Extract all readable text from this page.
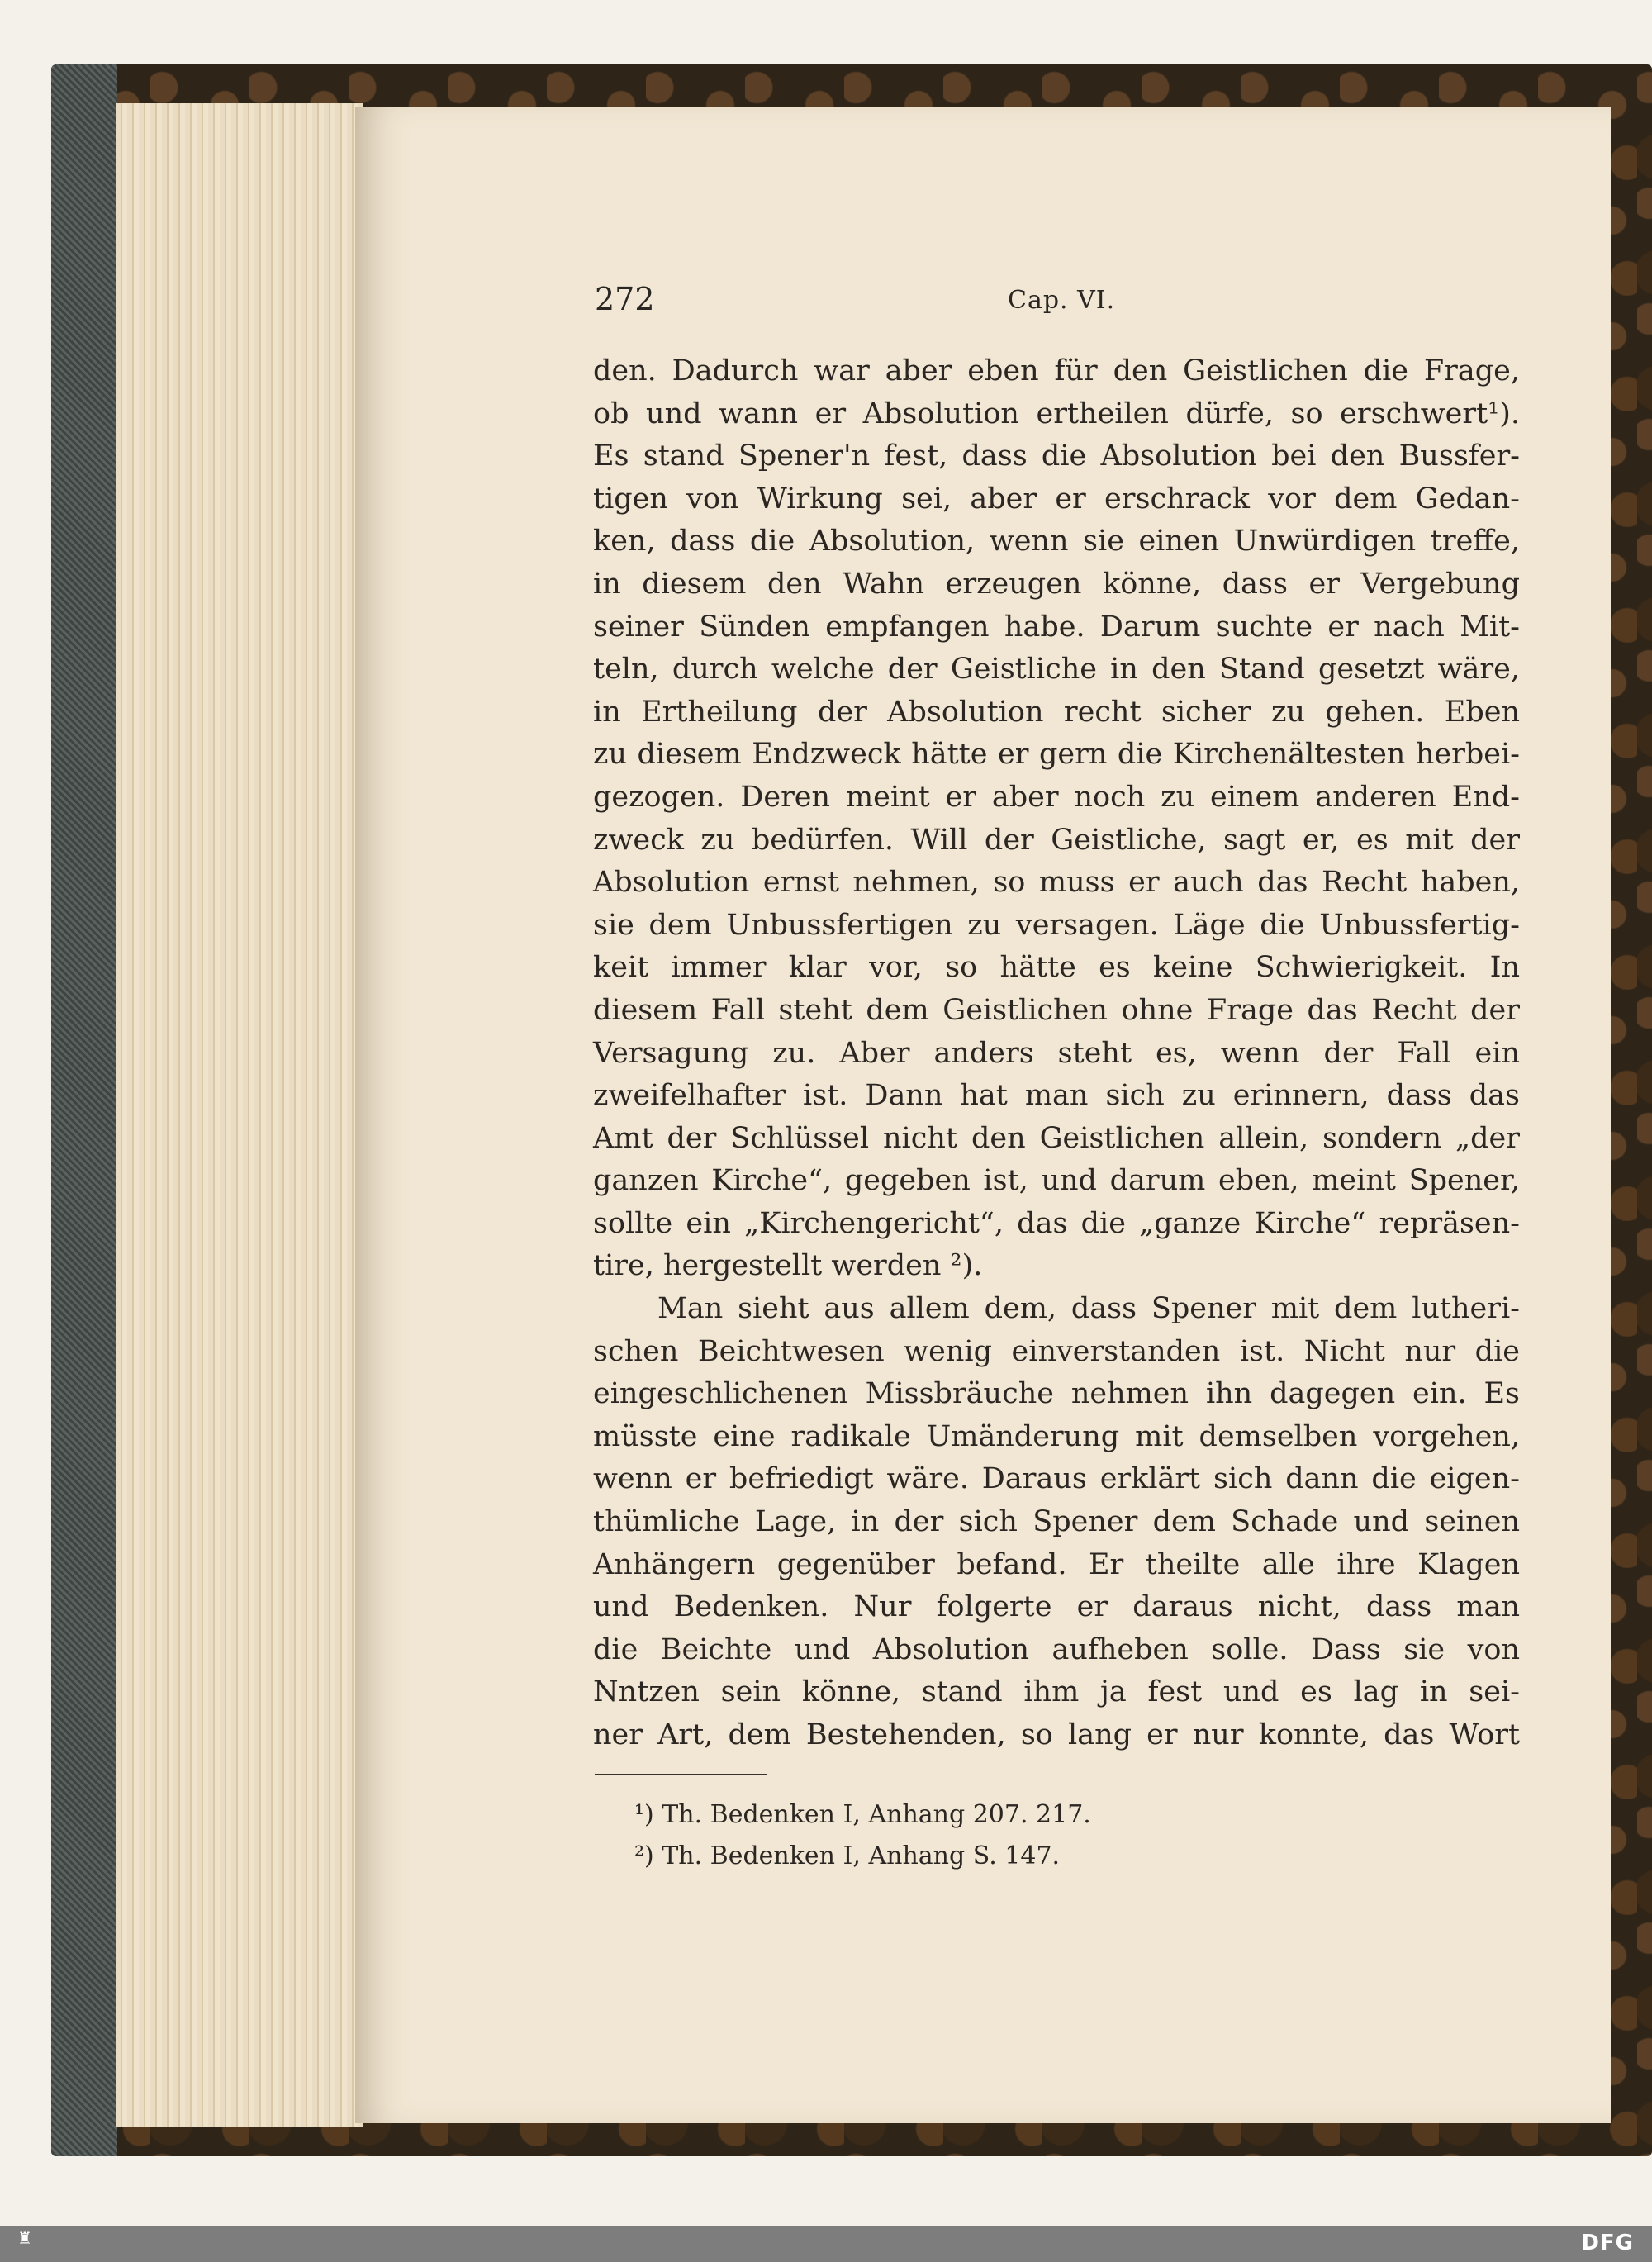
272	Cap. VI.
den. Dadurch war aber eben für den Geistlichen die Frage,
ob und wann er Absolution ertheilen dürfe, so erschwert¹).
Es stand Spener'n fest, dass die Absolution bei den Bussfer-
tigen von Wirkung sei, aber er erschrack vor dem Gedan-
ken, dass die Absolution, wenn sie einen Unwürdigen treffe,
in diesem den Wahn erzeugen könne, dass er Vergebung
seiner Sünden empfangen habe. Darum suchte er nach Mit-
teln, durch welche der Geistliche in den Stand gesetzt wäre,
in Ertheilung der Absolution recht sicher zu gehen. Eben
zu diesem Endzweck hätte er gern die Kirchenältesten herbei-
gezogen. Deren meint er aber noch zu einem anderen End-
zweck zu bedürfen. Will der Geistliche, sagt er, es mit der
Absolution ernst nehmen, so muss er auch das Recht haben,
sie dem Unbussfertigen zu versagen. Läge die Unbussfertig-
keit immer klar vor, so hätte es keine Schwierigkeit. In
diesem Fall steht dem Geistlichen ohne Frage das Recht der
Versagung zu. Aber anders steht es, wenn der Fall ein
zweifelhafter ist. Dann hat man sich zu erinnern, dass das
Amt der Schlüssel nicht den Geistlichen allein, sondern „der
ganzen Kirche“, gegeben ist, und darum eben, meint Spener,
sollte ein „Kirchengericht“, das die „ganze Kirche“ repräsen-
tire, hergestellt werden ²).
Man sieht aus allem dem, dass Spener mit dem lutheri-
schen Beichtwesen wenig einverstanden ist. Nicht nur die
eingeschlichenen Missbräuche nehmen ihn dagegen ein. Es
müsste eine radikale Umänderung mit demselben vorgehen,
wenn er befriedigt wäre. Daraus erklärt sich dann die eigen-
thümliche Lage, in der sich Spener dem Schade und seinen
Anhängern gegenüber befand. Er theilte alle ihre Klagen
und Bedenken. Nur folgerte er daraus nicht, dass man
die Beichte und Absolution aufheben solle. Dass sie von
Nntzen sein könne, stand ihm ja fest und es lag in sei-
ner Art, dem Bestehenden, so lang er nur konnte, das Wort
¹) Th. Bedenken I, Anhang 207. 217.
²) Th. Bedenken I, Anhang S. 147.
♜	DFG
